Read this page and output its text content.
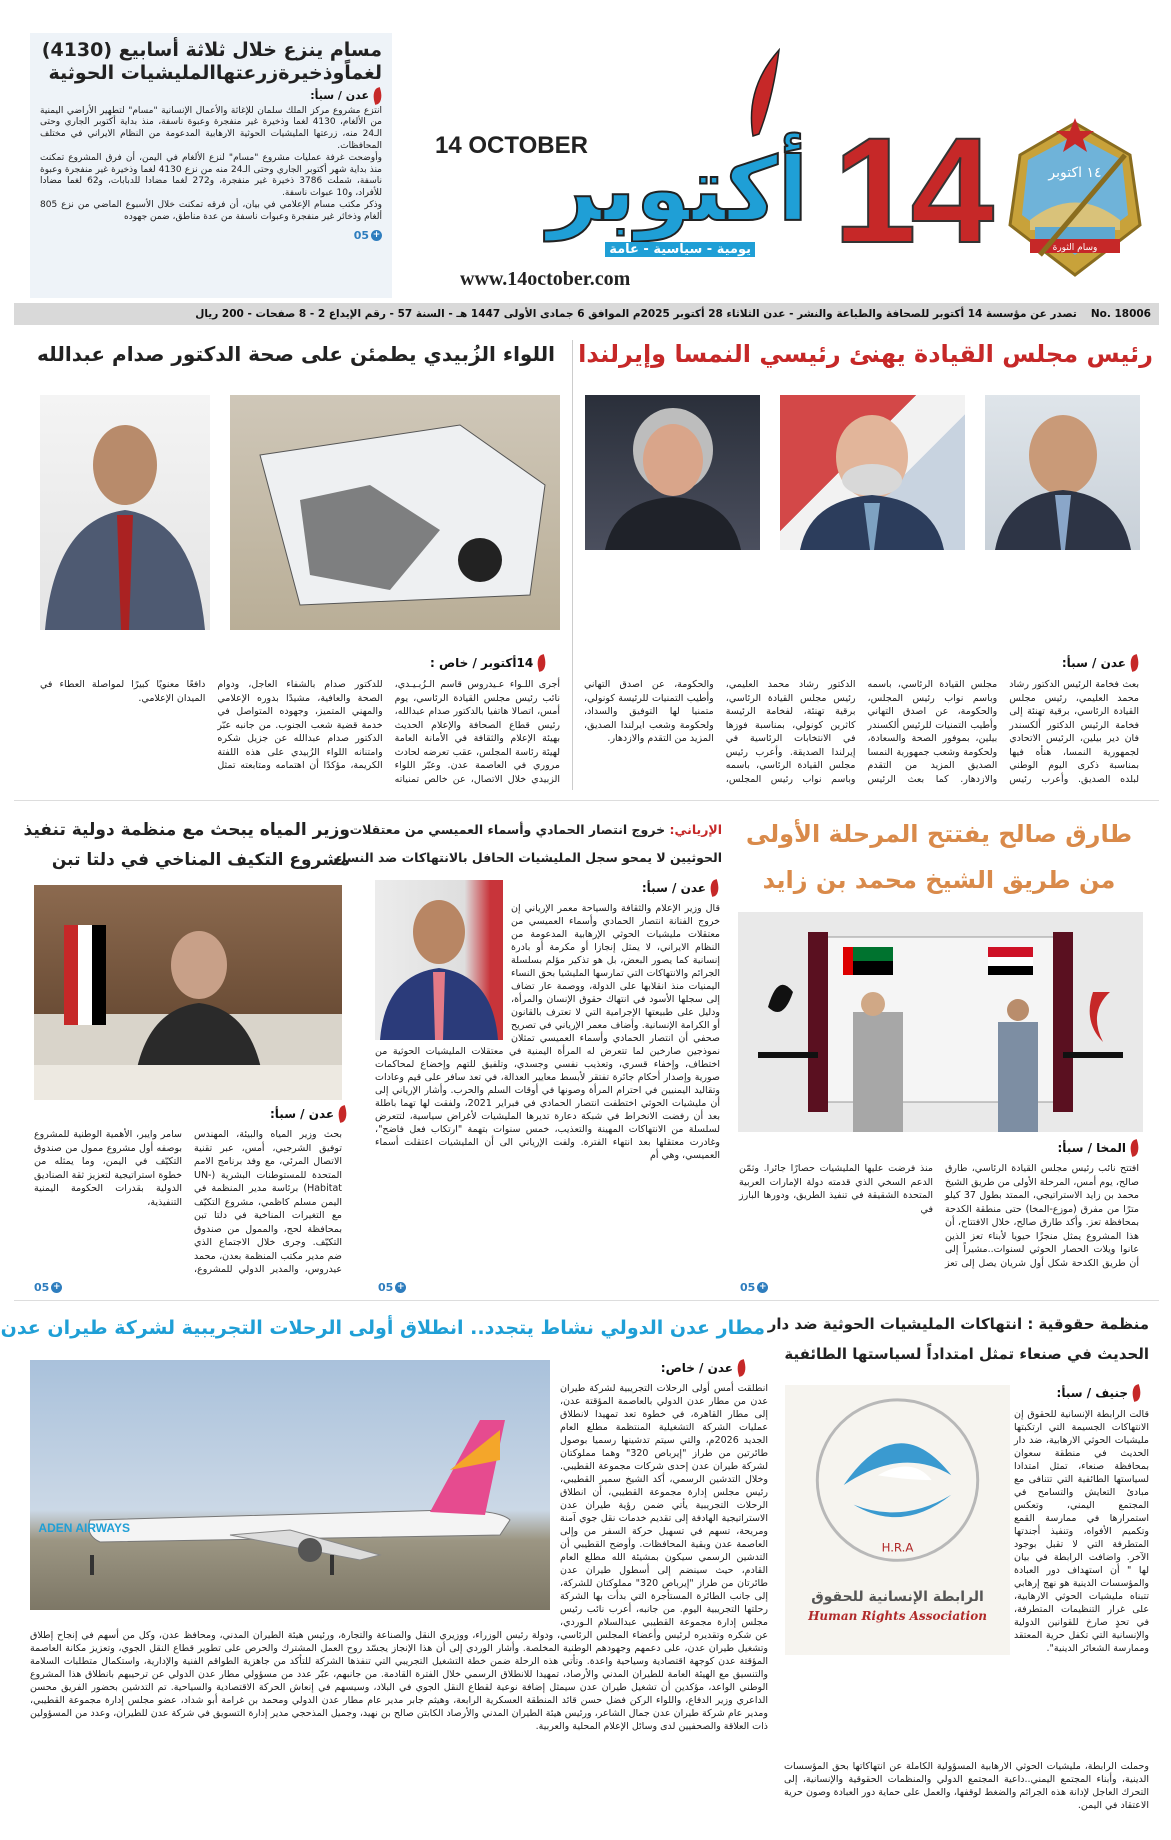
١٤ اكتوبر
وسام الثورة
14
أكتوبر
14 OCTOBER
يومية - سياسية - عامة
www.14october.com
مسام ينزع خلال ثلاثة أسابيع (4130)
لغماًوذخيرةزرعتهاالمليشيات الحوثية
عدن / سبأ:

انتزع مشروع مركز الملك سلمان للإغاثة والأعمال الإنسانية "مسام" لتطهير الأراضي اليمنية من الألغام، 4130 لغما وذخيرة غير منفجرة وعبوة ناسفة، منذ بداية أكتوبر الجاري وحتى الـ24 منه، زرعتها المليشيات الحوثية الارهابية المدعومة من النظام الايراني في مختلف المحافظات.

وأوضحت غرفة عمليات مشروع "مسام" لنزع الألغام في اليمن، أن فرق المشروع تمكنت منذ بداية شهر أكتوبر الجاري وحتى الـ24 منه من نزع 4130 لغما وذخيرة غير منفجرة وعبوة ناسفة، شملت 3786 ذخيرة غير منفجرة، و272 لغما مضادا للدبابات، و62 لغما مضادا للأفراد، و10 عبوات ناسفة.

وذكر مكتب مسام الإعلامي في بيان، أن فرقه تمكنت خلال الأسبوع الماضي من نزع 805 ألغام وذخائر غير منفجرة وعبوات ناسفة من عدة مناطق، ضمن جهوده

05 +
No. 18006
تصدر عن مؤسسة 14 أكتوبر للصحافة والطباعة والنشر - عدن الثلاثاء 28 أكتوبر 2025م الموافق 6 جمادى الأولى 1447 هـ - السنة 57 - رقم الإيداع 2 - 8 صفحات - 200 ريال
رئيس مجلس القيادة يهنئ رئيسي النمسا وإيرلندا
عدن / سبأ:
بعث فخامة الرئيس الدكتور رشاد محمد العليمي، رئيس مجلس القيادة الرئاسي، برقية تهنئة إلى فخامة الرئيس الدكتور ألكسندر فان دير بيلين، الرئيس الاتحادي لجمهورية النمسا، هنأه فيها بمناسبة ذكرى اليوم الوطني لبلده الصديق. وأعرب رئيس مجلس القيادة الرئاسي، باسمه وباسم نواب رئيس المجلس، والحكومة، عن اصدق التهاني وأطيب التمنيات للرئيس ألكسندر بيلين، بموفور الصحة والسعادة، ولحكومة وشعب جمهورية النمسا الصديق المزيد من التقدم والازدهار. كما بعث الرئيس الدكتور رشاد محمد العليمي، رئيس مجلس القيادة الرئاسي، برقية تهنئة، لفخامة الرئيسة كاثرين كونولي، بمناسبة فوزها في الانتخابات الرئاسية في إيرلندا الصديقة. وأعرب رئيس مجلس القيادة الرئاسي، باسمه وباسم نواب رئيس المجلس، والحكومة، عن اصدق التهاني وأطيب التمنيات للرئيسة كونولي، متمنيا لها التوفيق والسداد، ولحكومة وشعب ايرلندا الصديق، المزيد من التقدم والازدهار.
اللواء الزُبيدي يطمئن على صحة الدكتور صدام عبدالله
14أكتوبر / خاص :
أجرى اللـواء عـيدروس قاسم الـزُبـيـدي، نائب رئيس مجلس القيادة الرئاسي، يوم أمس، اتصالا هاتفيا بالدكتور صدام عبدالله، رئيس قطاع الصحافة والإعلام الحديث بهيئة الإعلام والثقافة في الأمانة العامة لهيئة رئاسة المجلس، عقب تعرضه لحادث مروري في العاصمة عدن. وعبّر اللواء الزبيدي خلال الاتصال، عن خالص تمنياته للدكتور صدام بالشفاء العاجل، ودوام الصحة والعافية، مشيدًا بدوره الإعلامي والمهني المتميز، وجهوده المتواصل في خدمة قضية شعب الجنوب. من جانبه عبّر الدكتور صدام عبدالله عن جزيل شكره وامتنانه اللواء الزُبيدي على هذه اللفتة الكريمة، مؤكدًا أن اهتمامه ومتابعته تمثل دافعًا معنويًا كبيرًا لمواصلة العطاء في الميدان الإعلامي.
طارق صالح يفتتح المرحلة الأولى
من طريق الشيخ محمد بن زايد
المخا / سبأ:
افتتح نائب رئيس مجلس القيادة الرئاسي، طارق صالح، يوم أمس، المرحلة الأولى من طريق الشيخ محمد بن زايد الاستراتيجي، الممتد بطول 37 كيلو مترًا من مفرق (موزع-المخا) حتى منطقة الكدحة بمحافظة تعز. وأكد طارق صالح، خلال الافتتاح، أن هذا المشروع يمثل منجزًا حيويا لأبناء تعز الذين عانوا ويلات الحصار الحوثي لسنوات..مشيراً إلى أن طريق الكدحة شكل أول شريان يصل إلى تعز منذ فرضت عليها المليشيات حصارًا جائرا. وثمّن الدعم السخي الذي قدمته دولة الإمارات العربية المتحدة الشقيقة في تنفيذ الطريق، ودورها البارز في
05 +
الإرياني: خروج انتصار الحمادي وأسماء العميسي من معتقلات
الحوثيين لا يمحو سجل المليشيات الحافل بالانتهاكات ضد النساء
عدن / سبأ:
قال وزير الإعلام والثقافة والسياحة معمر الإرياني إن خروج الفنانة انتصار الحمادي وأسماء العميسي من معتقلات مليشيات الحوثي الإرهابية المدعومة من النظام الايراني، لا يمثل إنجازا أو مكرمة أو بادرة إنسانية كما يصور البعض، بل هو تذكير مؤلم بسلسلة الجرائم والانتهاكات التي تمارسها المليشيا بحق النساء اليمنيات منذ انقلابها على الدولة، ووصمة عار تضاف إلى سجلها الأسود في انتهاك حقوق الإنسان والمرأة، ودليل على طبيعتها الإجرامية التي لا تعترف بالقانون أو الكرامة الإنسانية. وأضاف معمر الإرياني في تصريح صحفي أن انتصار الحمادي وأسماء العميسي تمثلان نموذجين صارخين لما تتعرض له المرأة اليمنية في معتقلات المليشيات الحوثية من اختطاف، وإخفاء قسري، وتعذيب نفسي وجسدي، وتلفيق للتهم وإخضاع لمحاكمات صورية وإصدار أحكام جائرة تفتقر لأبسط معايير العدالة، في تعد سافر على قيم وعادات وتقاليد اليمنيين في احترام المرأة وصونها في أوقات السلم والحرب. وأشار الإرياني إلى أن مليشيات الحوثي اختطفت انتصار الحمادي في فبراير 2021، ولفقت لها تهما باطلة بعد أن رفضت الانخراط في شبكة دعارة تديرها المليشيات لأغراض سياسية، لتتعرض لسلسلة من الانتهاكات المهينة والتعذيب، خمس سنوات بتهمة "ارتكاب فعل فاضح"، وغادرت معتقلها بعد انتهاء الفترة. ولفت الإرياني الى أن المليشيات اعتقلت أسماء العميسي، وهي أم
05 +
وزير المياه يبحث مع منظمة دولية تنفيذ
مشروع التكيف المناخي في دلتا تبن
عدن / سبأ:
بحث وزير المياه والبيئة، المهندس توفيق الشرجبي، أمس، عبر تقنية الاتصال المرئي، مع وفد برنامج الامم المتحدة للمستوطنات البشرية (UN-Habitat) برئاسة مدير المنظمة في اليمن مسلم كاظمي، مشروع التكيّف مع التغيرات المناخية في دلتا تبن بمحافظة لحج، والممول من صندوق التكيّف. وجرى خلال الاجتماع الذي ضم مدير مكتب المنظمة بعدن، محمد عيدروس، والمدير الدولي للمشروع، سامر وايبر، الأهمية الوطنية للمشروع بوصفه أول مشروع ممول من صندوق التكيّف في اليمن، وما يمثله من خطوة استراتيجية لتعزيز ثقة الصناديق الدولية بقدرات الحكومة اليمنية التنفيذية،
05 +
منظمة حقوقية : انتهاكات المليشيات الحوثية ضد دار
الحديث في صنعاء تمثل امتداداً لسياستها الطائفية
H.R.A
الرابطة الإنسانية للحقوق
Human Rights Association
جنيف / سبأ:
قالت الرابطة الإنسانية للحقوق إن الانتهاكات الجسيمة التي ارتكبتها مليشيات الحوثي الارهابية، ضد دار الحديث في منطقة سعوان بمحافظة صنعاء، تمثل امتدادا لسياستها الطائفية التي تتنافى مع مبادئ التعايش والتسامح في المجتمع اليمني، وتعكس استمرارها في ممارسة القمع وتكميم الأفواه، وتنفيذ أجندتها المتطرفة التي لا تقبل بوجود الآخر. واضافت الرابطة في بيان لها " أن استهداف دور العبادة والمؤسسات الدينية هو نهج إرهابي تتبناه مليشيات الحوثي الارهابية، على غرار التنظيمات المتطرفة، في تحدٍ صارخ للقوانين الدولية والإنسانية التي تكفل حرية المعتقد وممارسة الشعائر الدينية".
وحملت الرابطة، مليشيات الحوثي الارهابية المسؤولية الكاملة عن انتهاكاتها بحق المؤسسات الدينية، وأبناء المجتمع اليمني..داعية المجتمع الدولي والمنظمات الحقوقية والإنسانية، إلى التحرك العاجل لإدانة هذه الجرائم والضغط لوقفها، والعمل على حماية دور العبادة وصون حرية الاعتقاد في اليمن.
مطار عدن الدولي نشاط يتجدد.. انطلاق أولى الرحلات التجريبية لشركة طيران عدن
ADEN AIRWAYS
عدن / خاص:
انطلقت أمس أولى الرحلات التجريبية لشركة طيران عدن من مطار عدن الدولي بالعاصمة المؤقتة عدن، إلى مطار القاهرة، في خطوة تعد تمهيدا لانطلاق عمليات الشركة التشغيلية المنتظمة مطلع العام الجديد 2026م، والتي سيتم تدشينها رسميا بوصول طائرتين من طراز "إيرباص 320" وهما مملوكتان لشركة طيران عدن إحدى شركات مجموعة القطيبي. وخلال التدشين الرسمي، أكد الشيخ سمير القطيبي، رئيس مجلس إدارة مجموعة القطيبي، أن انطلاق الرحلات التجريبية يأتي ضمن رؤية طيران عدن الاستراتيجية الهادفة إلى تقديم خدمات نقل جوي آمنة ومريحة، تسهم في تسهيل حركة السفر من وإلى العاصمة عدن وبقية المحافظات. وأوضح القطيبي أن التدشين الرسمي سيكون بمشيئة الله مطلع العام القادم، حيث سينضم إلى أسطول طيران عدن طائرتان من طراز "إيرباص 320" مملوكتان للشركة، إلى جانب الطائرة المستأجرة التي بدأت بها الشركة رحلتها التجريبية اليوم. من جانبه، أعرب نائب رئيس مجلس إدارة مجموعة القطيبي عبدالسلام الـوردي، عن شكره وتقديره لرئيس وأعضاء المجلس الرئاسي، ودولة رئيس الوزراء، ووزيري النقل والصناعة والتجارة، ورئيس هيئة الطيران المدني، ومحافظ عدن، وكل من أسهم في إنجاح إطلاق وتشغيل طيران عدن، على دعمهم وجهودهم الوطنية المخلصة. وأشار الوردي إلى أن هذا الإنجاز يجسّد روح العمل المشترك والحرص على تطوير قطاع النقل الجوي، وتعزيز مكانة العاصمة المؤقتة عدن كوجهة اقتصادية وسياحية واعدة. وتأتي هذه الرحلة ضمن خطة التشغيل التجريبي التي تنفذها الشركة للتأكد من جاهزية الطواقم الفنية والإدارية، واستكمال متطلبات السلامة والتنسيق مع الهيئة العامة للطيران المدني والأرصاد، تمهيدا للانطلاق الرسمي خلال الفترة القادمة. من جانبهم، عبّر عدد من مسؤولي مطار عدن الدولي عن ترحيبهم بانطلاق هذا المشروع الوطني الواعد، مؤكدين أن تشغيل طيران عدن سيمثل إضافة نوعية لقطاع النقل الجوي في البلاد، وسيسهم في إنعاش الحركة الاقتصادية والسياحية. تم التدشين بحضور الفريق محسن الداعري وزير الدفاع، واللواء الركن فضل حسن قائد المنطقة العسكرية الرابعة، وهيثم جابر مدير عام مطار عدن الدولي ومحمد بن غرامة أبو شداد، عضو مجلس إدارة مجموعة القطيبي، ومدير عام شركة طيران عدن جمال الشاعر، ورئيس هيئة الطيران المدني والأرصاد الكابتن صالح بن نهيد، وجميل المذحجي مدير إدارة التسويق في شركة عدن للطيران، وعدد من المسؤولين ذات العلاقة والصحفيين لدى وسائل الإعلام المحلية والعربية.
